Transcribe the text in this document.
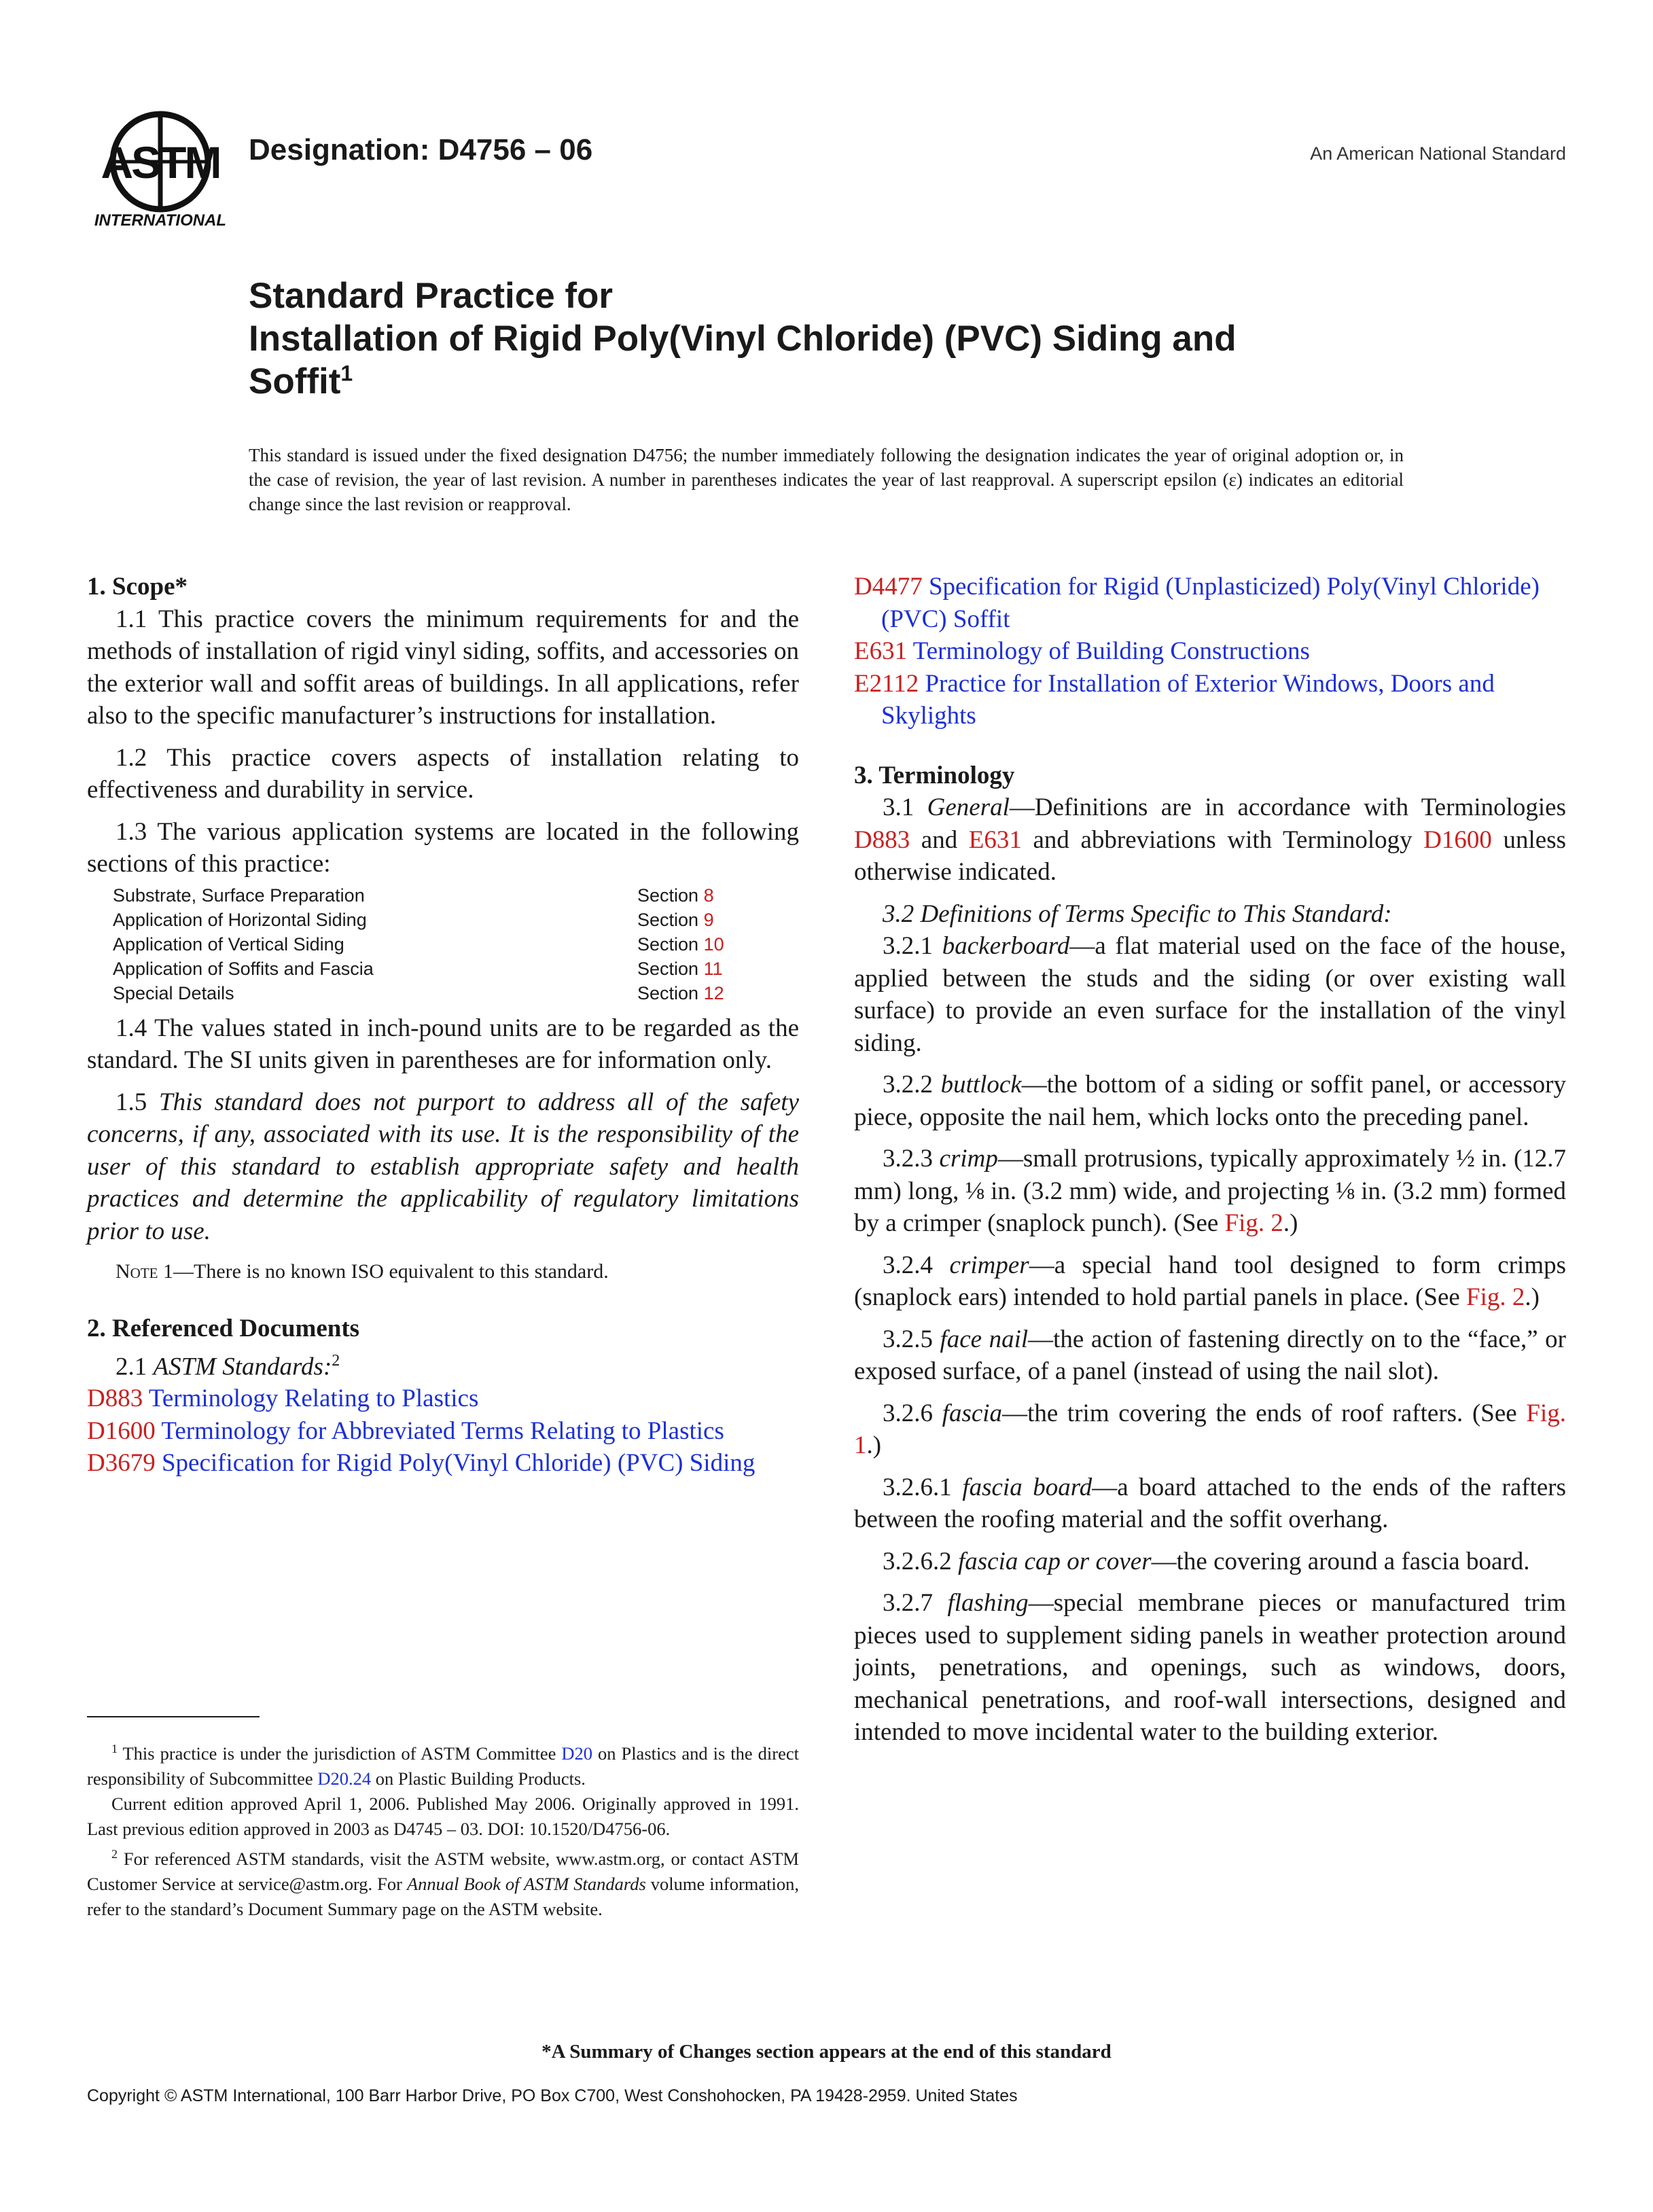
ASTM
INTERNATIONAL
Designation: D4756 – 06	An American National Standard
Standard Practice for
Installation of Rigid Poly(Vinyl Chloride) (PVC) Siding and
Soffit$^1$
This standard is issued under the fixed designation D4756; the number immediately following the designation indicates the year of original adoption or, in the case of revision, the year of last revision. A number in parentheses indicates the year of last reapproval. A superscript epsilon (ε) indicates an editorial change since the last revision or reapproval.

1. Scope*

1.1 This practice covers the minimum requirements for and the methods of installation of rigid vinyl siding, soffits, and accessories on the exterior wall and soffit areas of buildings. In all applications, refer also to the specific manufacturer’s instructions for installation.

1.2 This practice covers aspects of installation relating to effectiveness and durability in service.

1.3 The various application systems are located in the following sections of this practice:

Substrate, Surface Preparation	Section 8
Application of Horizontal Siding	Section 9
Application of Vertical Siding	Section 10
Application of Soffits and Fascia	Section 11
Special Details	Section 12

1.4 The values stated in inch-pound units are to be regarded as the standard. The SI units given in parentheses are for information only.

1.5 This standard does not purport to address all of the safety concerns, if any, associated with its use. It is the responsibility of the user of this standard to establish appropriate safety and health practices and determine the applicability of regulatory limitations prior to use.

Note 1—There is no known ISO equivalent to this standard.

2. Referenced Documents

2.1 ASTM Standards:$^2$

D883 Terminology Relating to Plastics

D1600 Terminology for Abbreviated Terms Relating to Plastics

D3679 Specification for Rigid Poly(Vinyl Chloride) (PVC) Siding

D4477 Specification for Rigid (Unplasticized) Poly(Vinyl Chloride) (PVC) Soffit

E631 Terminology of Building Constructions

E2112 Practice for Installation of Exterior Windows, Doors and Skylights

3. Terminology

3.1 General—Definitions are in accordance with Terminologies D883 and E631 and abbreviations with Terminology D1600 unless otherwise indicated.

3.2 Definitions of Terms Specific to This Standard:

3.2.1 backerboard—a flat material used on the face of the house, applied between the studs and the siding (or over existing wall surface) to provide an even surface for the installation of the vinyl siding.

3.2.2 buttlock—the bottom of a siding or soffit panel, or accessory piece, opposite the nail hem, which locks onto the preceding panel.

3.2.3 crimp—small protrusions, typically approximately ½ in. (12.7 mm) long, ⅛ in. (3.2 mm) wide, and projecting ⅛ in. (3.2 mm) formed by a crimper (snaplock punch). (See Fig. 2.)

3.2.4 crimper—a special hand tool designed to form crimps (snaplock ears) intended to hold partial panels in place. (See Fig. 2.)

3.2.5 face nail—the action of fastening directly on to the “face,” or exposed surface, of a panel (instead of using the nail slot).

3.2.6 fascia—the trim covering the ends of roof rafters. (See Fig. 1.)

3.2.6.1 fascia board—a board attached to the ends of the rafters between the roofing material and the soffit overhang.

3.2.6.2 fascia cap or cover—the covering around a fascia board.

3.2.7 flashing—special membrane pieces or manufactured trim pieces used to supplement siding panels in weather protection around joints, penetrations, and openings, such as windows, doors, mechanical penetrations, and roof-wall intersections, designed and intended to move incidental water to the building exterior.

$^1$ This practice is under the jurisdiction of ASTM Committee D20 on Plastics and is the direct responsibility of Subcommittee D20.24 on Plastic Building Products.

Current edition approved April 1, 2006. Published May 2006. Originally approved in 1991. Last previous edition approved in 2003 as D4745 – 03. DOI: 10.1520/D4756-06.

$^2$ For referenced ASTM standards, visit the ASTM website, www.astm.org, or contact ASTM Customer Service at service@astm.org. For Annual Book of ASTM Standards volume information, refer to the standard’s Document Summary page on the ASTM website.

*A Summary of Changes section appears at the end of this standard
Copyright © ASTM International, 100 Barr Harbor Drive, PO Box C700, West Conshohocken, PA 19428-2959. United States
